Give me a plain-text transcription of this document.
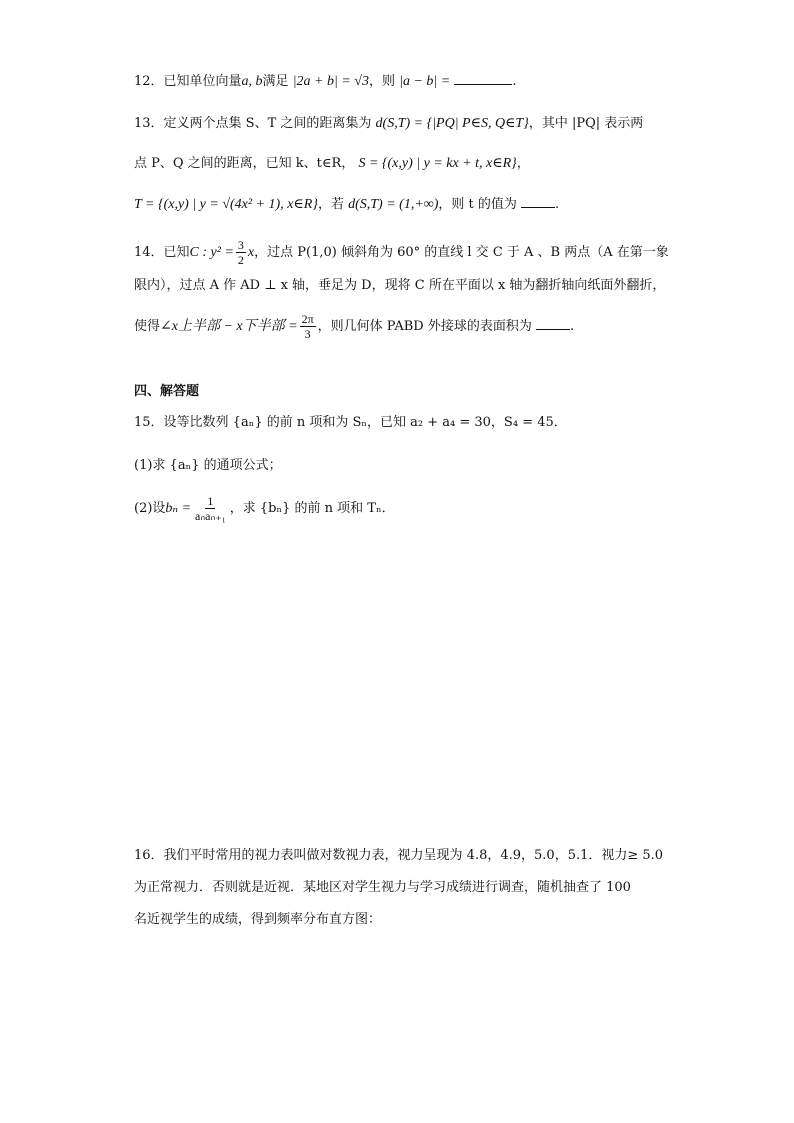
12．已知单位向量a, b满足 |2a + b| = √3，则 |a − b| =	.
13．定义两个点集 S、T 之间的距离集为 d(S,T) = {|PQ| P∈S, Q∈T}，其中 |PQ| 表示两
点 P、Q 之间的距离，已知 k、t∈R， S = {(x,y) | y = kx + t, x∈R}，
T = {(x,y) | y = √(4x² + 1), x∈R}，若 d(S,T) = (1,+∞)，则 t 的值为	.
14．已知C : $y^2 = \frac{3}{2}$ x，过点 P(1,0) 倾斜角为 60° 的直线 l 交 C 于 A 、B 两点（A 在第一象
限内），过点 A 作 AD ⊥ x 轴，垂足为 D，现将 C 所在平面以 x 轴为翻折轴向纸面外翻折，
使得∠x上半部 − x下半部 = $\frac{2\pi}{3}$ ，则几何体 PABD 外接球的表面积为	.
四、解答题
15．设等比数列 {aₙ} 的前 n 项和为 Sₙ，已知 a₂ + a₄ = 30，S₄ = 45．
(1)求 {aₙ} 的通项公式；
(2)设$b_n = \frac{1}{\text{aₙaₙ₊₁}}$ ，求 {bₙ} 的前 n 项和 Tₙ．
16．我们平时常用的视力表叫做对数视力表，视力呈现为 4.8，4.9，5.0，5.1．视力≥ 5.0
为正常视力．否则就是近视．某地区对学生视力与学习成绩进行调查，随机抽查了 100
名近视学生的成绩，得到频率分布直方图：
